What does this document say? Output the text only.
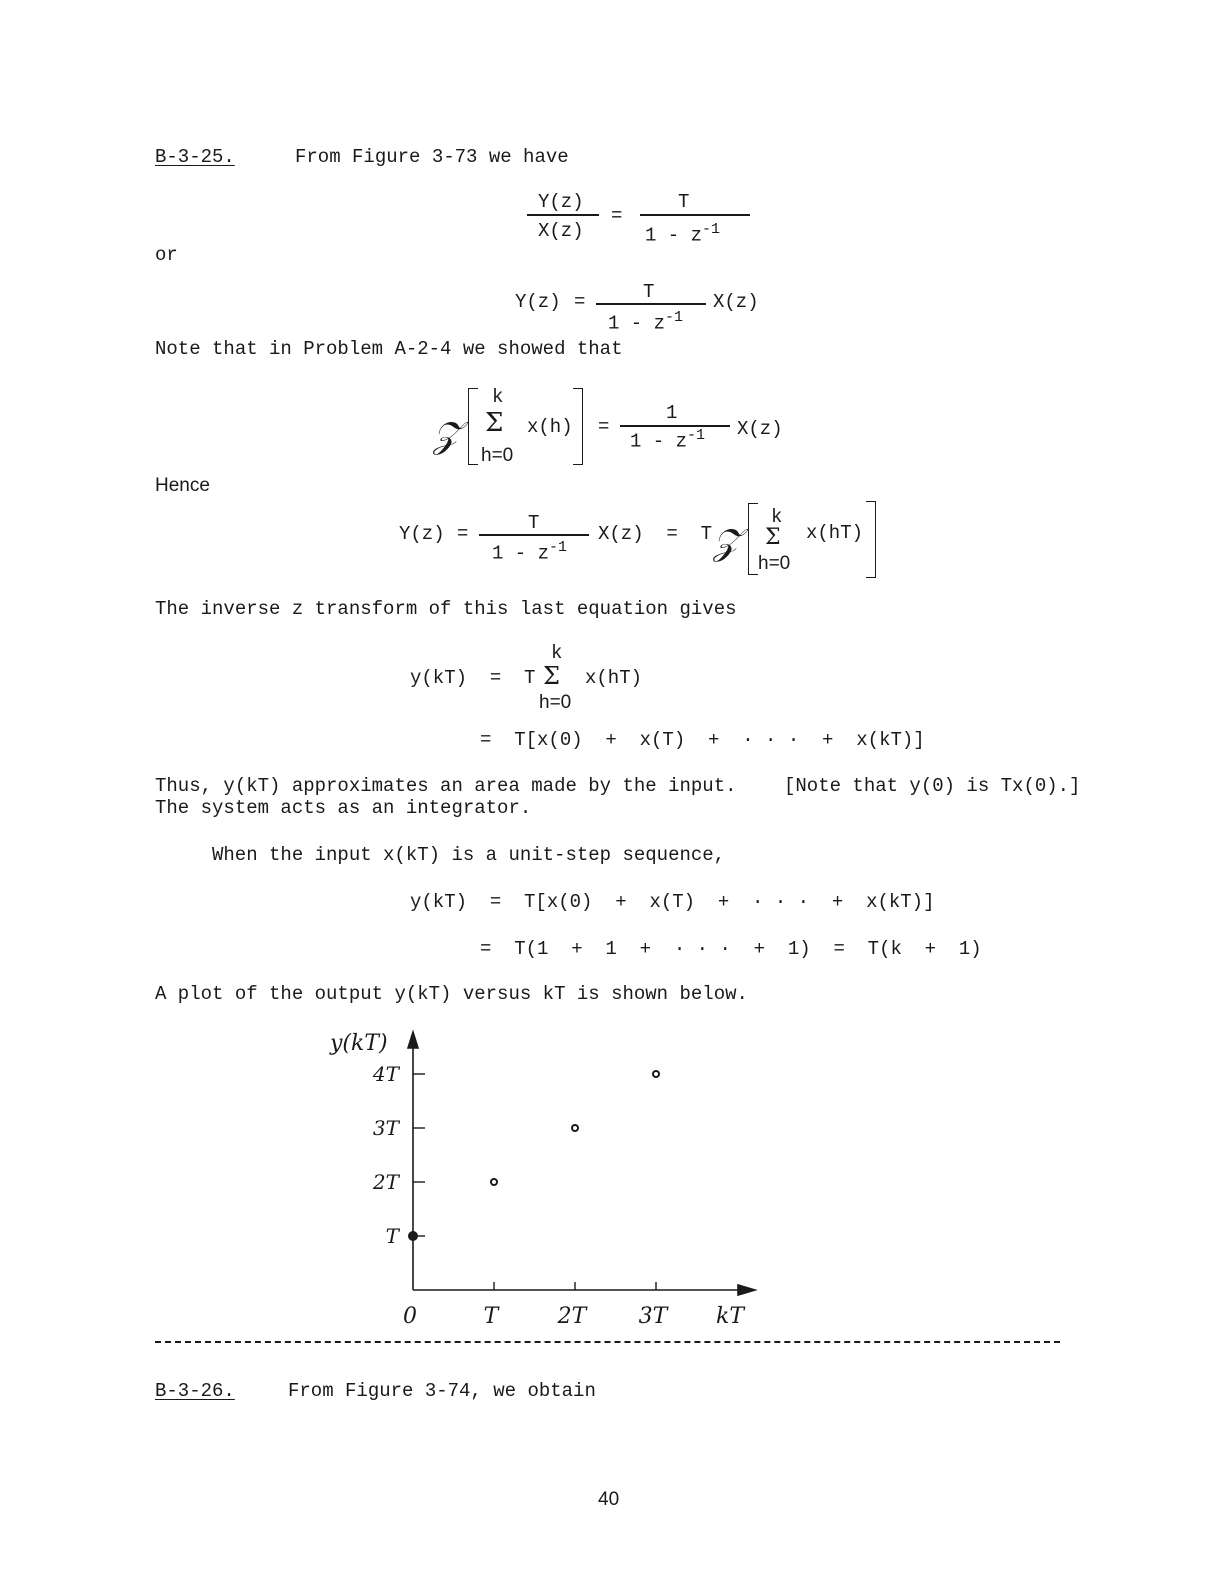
B-3-25.	From Figure 3-73 we have
Y(z)
X(z)
=
T
$1 - z^{-1}$
or
Y(z) =	T
$1 - z^{-1}$
X(z)
Note that in Problem A-2-4 we showed that
𝒵
k
Σ x(h)
h=0
=
1
$1 - z^{-1}$ X(z)
Hence
Y(z) =	T
$1 - z^{-1}$
X(z)  =  T 𝒵
k
Σ x(hT)
h=0
The inverse z transform of this last equation gives
y(kT)  =  T
k
Σ x(hT)
h=0
=  T[x(0)  +  x(T)  +  · · ·  +  x(kT)]
Thus, y(kT) approximates an area made by the input.	[Note that y(0) is Tx(0).]
The system acts as an integrator.
When the input x(kT) is a unit-step sequence,
y(kT)  =  T[x(0)  +  x(T)  +  · · ·  +  x(kT)]
=  T(1  +  1  +  · · ·  +  1)  =  T(k  +  1)
A plot of the output y(kT) versus kT is shown below.
T
2T
3T
4T
0	T	2T 3T
y(kT)
kT
B-3-26.	From Figure 3-74, we obtain
40
